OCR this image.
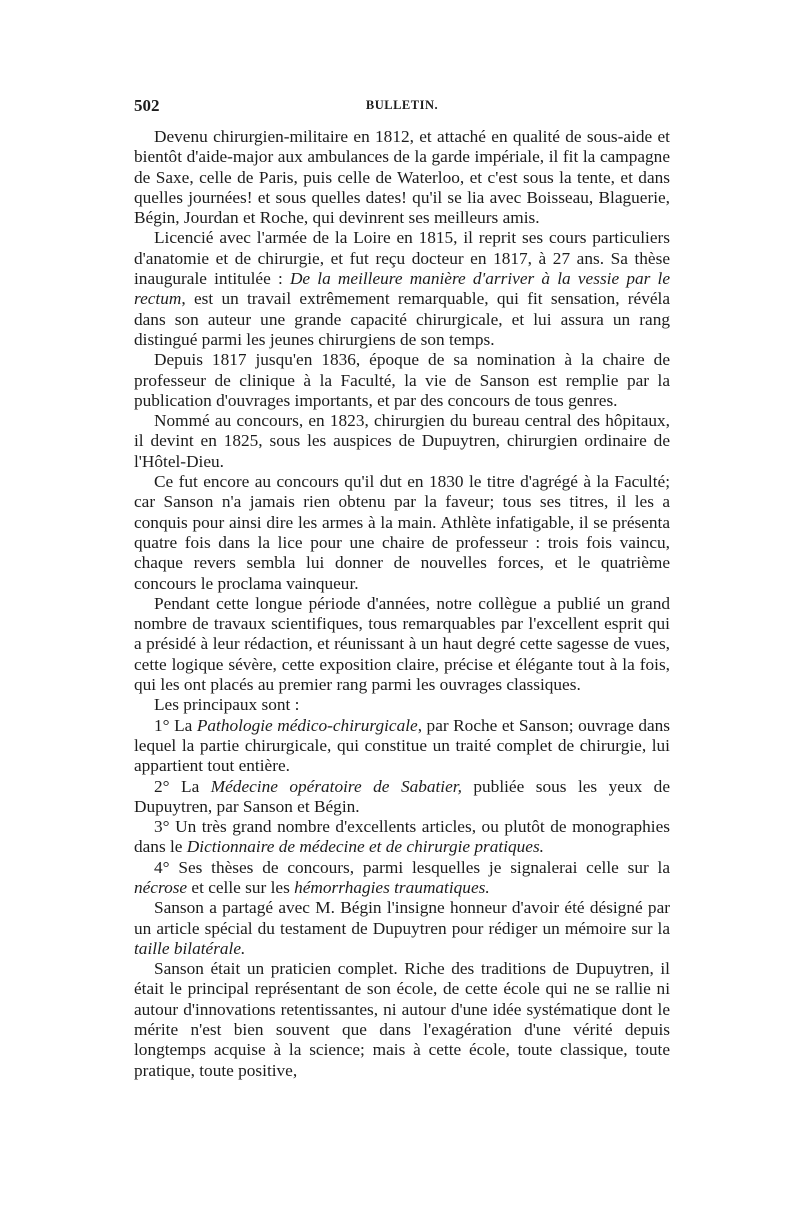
502	BULLETIN.

Devenu chirurgien-militaire en 1812, et attaché en qualité de sous-aide et bientôt d'aide-major aux ambulances de la garde impériale, il fit la campagne de Saxe, celle de Paris, puis celle de Waterloo, et c'est sous la tente, et dans quelles journées! et sous quelles dates! qu'il se lia avec Boisseau, Blaguerie, Bégin, Jourdan et Roche, qui devinrent ses meilleurs amis.

Licencié avec l'armée de la Loire en 1815, il reprit ses cours particuliers d'anatomie et de chirurgie, et fut reçu docteur en 1817, à 27 ans. Sa thèse inaugurale intitulée : De la meilleure manière d'arriver à la vessie par le rectum, est un travail extrêmement remarquable, qui fit sensation, révéla dans son auteur une grande capacité chirurgicale, et lui assura un rang distingué parmi les jeunes chirurgiens de son temps.

Depuis 1817 jusqu'en 1836, époque de sa nomination à la chaire de professeur de clinique à la Faculté, la vie de Sanson est remplie par la publication d'ouvrages importants, et par des concours de tous genres.

Nommé au concours, en 1823, chirurgien du bureau central des hôpitaux, il devint en 1825, sous les auspices de Dupuytren, chirurgien ordinaire de l'Hôtel-Dieu.

Ce fut encore au concours qu'il dut en 1830 le titre d'agrégé à la Faculté; car Sanson n'a jamais rien obtenu par la faveur; tous ses titres, il les a conquis pour ainsi dire les armes à la main. Athlète infatigable, il se présenta quatre fois dans la lice pour une chaire de professeur : trois fois vaincu, chaque revers sembla lui donner de nouvelles forces, et le quatrième concours le proclama vainqueur.

Pendant cette longue période d'années, notre collègue a publié un grand nombre de travaux scientifiques, tous remarquables par l'excellent esprit qui a présidé à leur rédaction, et réunissant à un haut degré cette sagesse de vues, cette logique sévère, cette exposition claire, précise et élégante tout à la fois, qui les ont placés au premier rang parmi les ouvrages classiques.

Les principaux sont :

1° La Pathologie médico-chirurgicale, par Roche et Sanson; ouvrage dans lequel la partie chirurgicale, qui constitue un traité complet de chirurgie, lui appartient tout entière.

2° La Médecine opératoire de Sabatier, publiée sous les yeux de Dupuytren, par Sanson et Bégin.

3° Un très grand nombre d'excellents articles, ou plutôt de monographies dans le Dictionnaire de médecine et de chirurgie pratiques.

4° Ses thèses de concours, parmi lesquelles je signalerai celle sur la nécrose et celle sur les hémorrhagies traumatiques.

Sanson a partagé avec M. Bégin l'insigne honneur d'avoir été désigné par un article spécial du testament de Dupuytren pour rédiger un mémoire sur la taille bilatérale.

Sanson était un praticien complet. Riche des traditions de Dupuytren, il était le principal représentant de son école, de cette école qui ne se rallie ni autour d'innovations retentissantes, ni autour d'une idée systématique dont le mérite n'est bien souvent que dans l'exagération d'une vérité depuis longtemps acquise à la science; mais à cette école, toute classique, toute pratique, toute positive,
